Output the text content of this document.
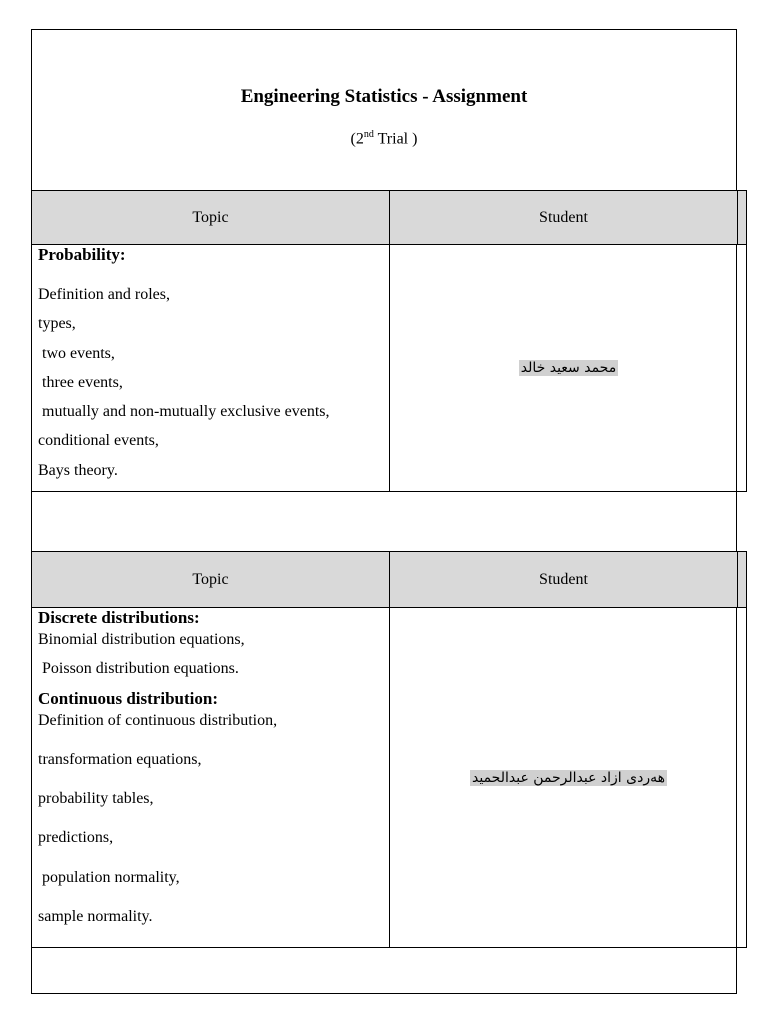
Engineering Statistics - Assignment
(2nd Trial )
Topic	Student
Probability:
Definition and roles,
types,
two events,
three events,
mutually and non-mutually exclusive events,
conditional events,
Bays theory.
محمد سعيد خالد
Topic	Student
Discrete distributions:
Binomial distribution equations,
Poisson distribution equations.
Continuous distribution:
Definition of continuous distribution,
transformation equations,
probability tables,
predictions,
population normality,
sample normality.
هەردی ازاد عبدالرحمن عبدالحميد
